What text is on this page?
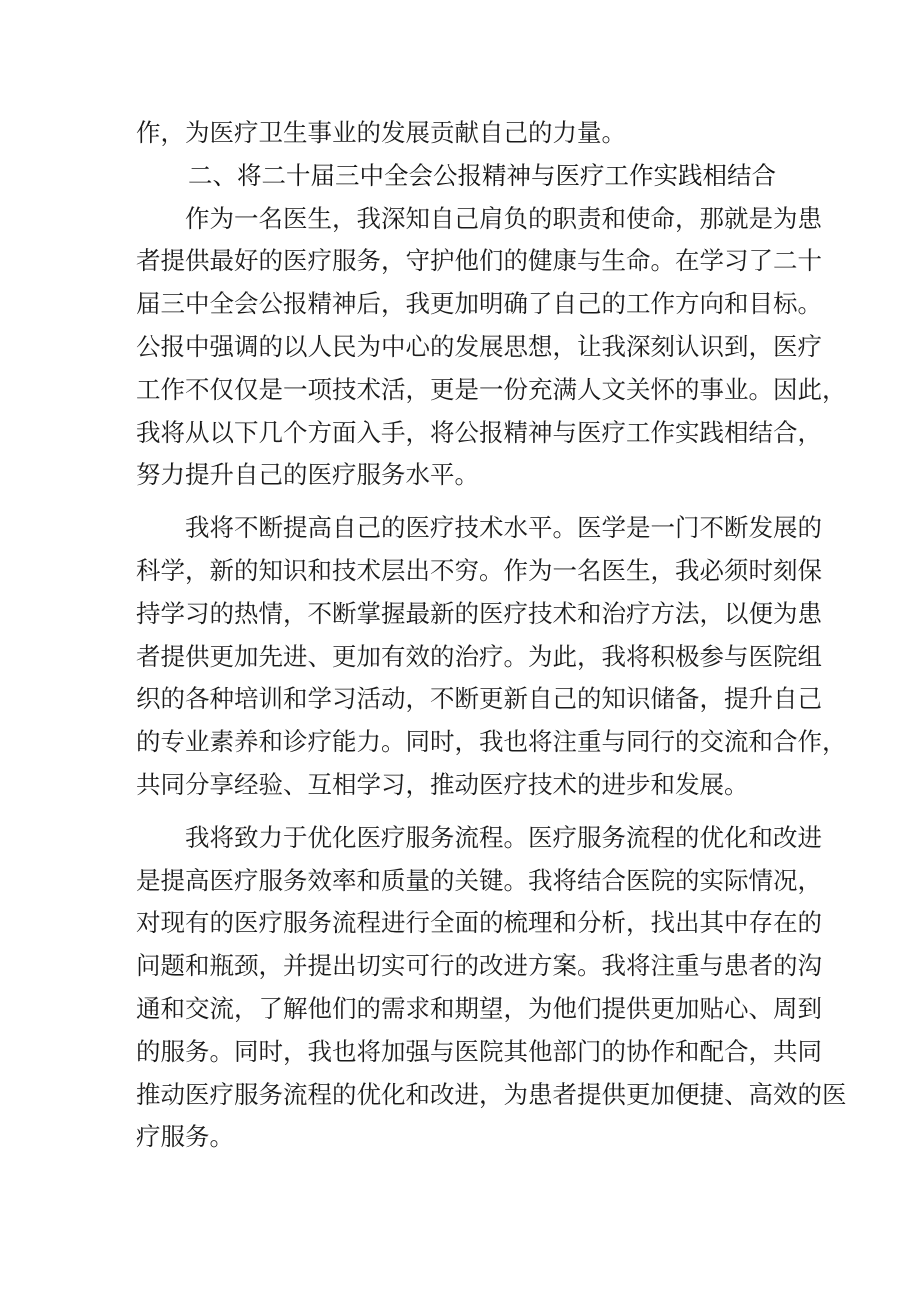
作，为医疗卫生事业的发展贡献自己的力量。
二、将二十届三中全会公报精神与医疗工作实践相结合
　　作为一名医生，我深知自己肩负的职责和使命，那就是为患
者提供最好的医疗服务，守护他们的健康与生命。在学习了二十
届三中全会公报精神后，我更加明确了自己的工作方向和目标。
公报中强调的以人民为中心的发展思想，让我深刻认识到，医疗
工作不仅仅是一项技术活，更是一份充满人文关怀的事业。因此，
我将从以下几个方面入手，将公报精神与医疗工作实践相结合，
努力提升自己的医疗服务水平。
　　我将不断提高自己的医疗技术水平。医学是一门不断发展的
科学，新的知识和技术层出不穷。作为一名医生，我必须时刻保
持学习的热情，不断掌握最新的医疗技术和治疗方法，以便为患
者提供更加先进、更加有效的治疗。为此，我将积极参与医院组
织的各种培训和学习活动，不断更新自己的知识储备，提升自己
的专业素养和诊疗能力。同时，我也将注重与同行的交流和合作，
共同分享经验、互相学习，推动医疗技术的进步和发展。
　　我将致力于优化医疗服务流程。医疗服务流程的优化和改进
是提高医疗服务效率和质量的关键。我将结合医院的实际情况，
对现有的医疗服务流程进行全面的梳理和分析，找出其中存在的
问题和瓶颈，并提出切实可行的改进方案。我将注重与患者的沟
通和交流，了解他们的需求和期望，为他们提供更加贴心、周到
的服务。同时，我也将加强与医院其他部门的协作和配合，共同
推动医疗服务流程的优化和改进，为患者提供更加便捷、高效的医
疗服务。
